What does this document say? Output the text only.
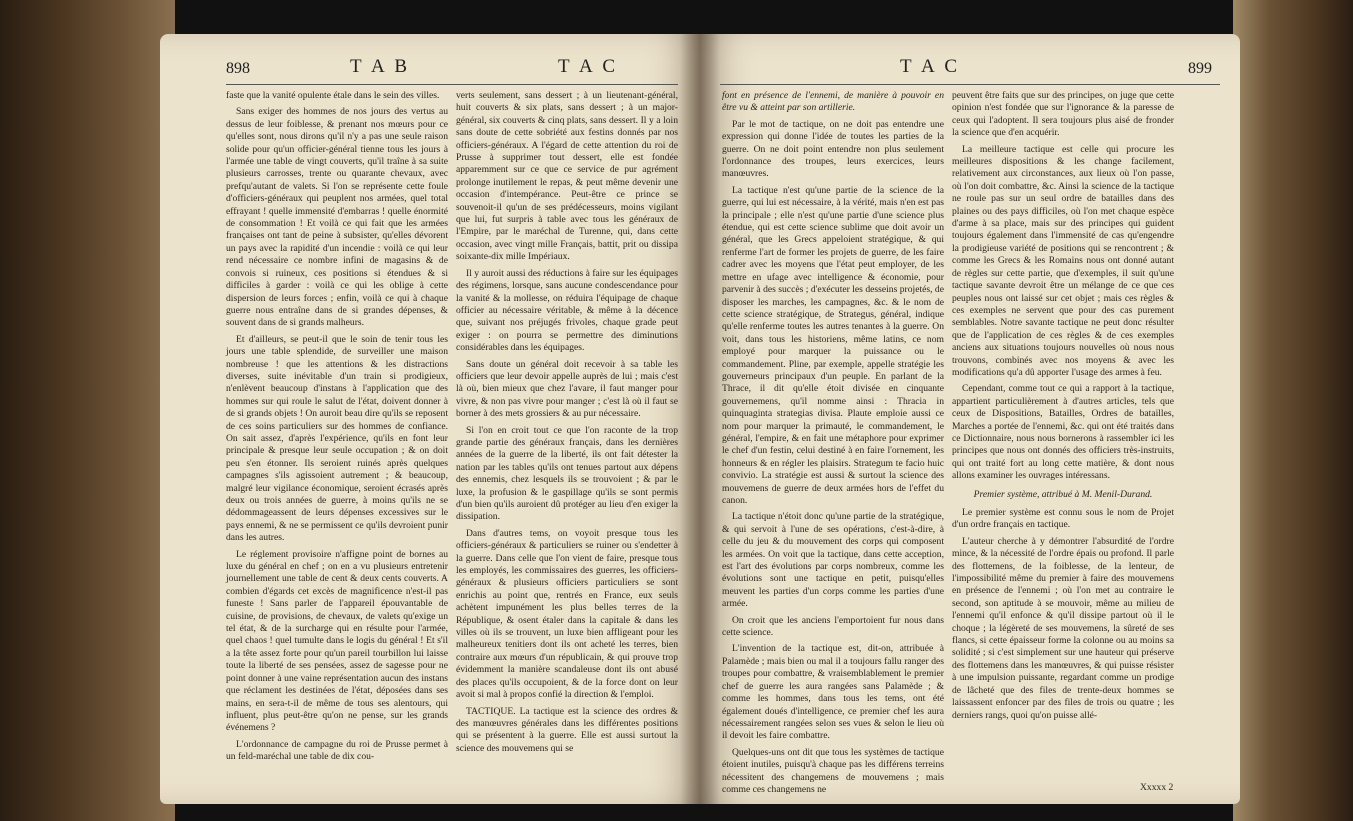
898	T A B	T A C

faste que la vanité opulente étale dans le sein des villes.

Sans exiger des hommes de nos jours des vertus au dessus de leur foiblesse, & prenant nos mœurs pour ce qu'elles sont, nous dirons qu'il n'y a pas une seule raison solide pour qu'un officier-général tienne tous les jours à l'armée une table de vingt couverts, qu'il traîne à sa suite plusieurs carrosses, trente ou quarante chevaux, avec prefqu'autant de valets. Si l'on se représente cette foule d'officiers-généraux qui peuplent nos armées, quel total effrayant ! quelle immensité d'embarras ! quelle énormité de consommation ! Et voilà ce qui fait que les armées françaises ont tant de peine à subsister, qu'elles dévorent un pays avec la rapidité d'un incendie : voilà ce qui leur rend nécessaire ce nombre infini de magasins & de convois si ruineux, ces positions si étendues & si difficiles à garder : voilà ce qui les oblige à cette dispersion de leurs forces ; enfin, voilà ce qui à chaque guerre nous entraîne dans de si grandes dépenses, & souvent dans de si grands malheurs.

Et d'ailleurs, se peut-il que le soin de tenir tous les jours une table splendide, de surveiller une maison nombreuse ! que les attentions & les distractions diverses, suite inévitable d'un train si prodigieux, n'enlèvent beaucoup d'instans à l'application que des hommes sur qui roule le salut de l'état, doivent donner à de si grands objets ! On auroit beau dire qu'ils se reposent de ces soins particuliers sur des hommes de confiance. On sait assez, d'après l'expérience, qu'ils en font leur principale & presque leur seule occupation ; & on doit peu s'en étonner. Ils seroient ruinés après quelques campagnes s'ils agissoient autrement ; & beaucoup, malgré leur vigilance économique, seroient écrasés après deux ou trois années de guerre, à moins qu'ils ne se dédommageassent de leurs dépenses excessives sur le pays ennemi, & ne se permissent ce qu'ils devroient punir dans les autres.

Le réglement provisoire n'affigne point de bornes au luxe du général en chef ; on en a vu plusieurs entretenir journellement une table de cent & deux cents couverts. A combien d'égards cet excès de magnificence n'est-il pas funeste ! Sans parler de l'appareil épouvantable de cuisine, de provisions, de chevaux, de valets qu'exige un tel état, & de la surcharge qui en résulte pour l'armée, quel chaos ! quel tumulte dans le logis du général ! Et s'il a la tête assez forte pour qu'un pareil tourbillon lui laisse toute la liberté de ses pensées, assez de sagesse pour ne point donner à une vaine représentation aucun des instans que réclament les destinées de l'état, déposées dans ses mains, en sera-t-il de même de tous ses alentours, qui influent, plus peut-être qu'on ne pense, sur les grands événemens ?

L'ordonnance de campagne du roi de Prusse permet à un feld-maréchal une table de dix cou-

verts seulement, sans dessert ; à un lieutenant-général, huit couverts & six plats, sans dessert ; à un major-général, six couverts & cinq plats, sans dessert. Il y a loin sans doute de cette sobriété aux festins donnés par nos officiers-généraux. A l'égard de cette attention du roi de Prusse à supprimer tout dessert, elle est fondée apparemment sur ce que ce service de pur agrément prolonge inutilement le repas, & peut même devenir une occasion d'intempérance. Peut-être ce prince se souvenoit-il qu'un de ses prédécesseurs, moins vigilant que lui, fut surpris à table avec tous les généraux de l'Empire, par le maréchal de Turenne, qui, dans cette occasion, avec vingt mille Français, battit, prit ou dissipa soixante-dix mille Impériaux.

Il y auroit aussi des réductions à faire sur les équipages des régimens, lorsque, sans aucune condescendance pour la vanité & la mollesse, on réduira l'équipage de chaque officier au nécessaire véritable, & même à la décence que, suivant nos préjugés frivoles, chaque grade peut exiger : on pourra se permettre des diminutions considérables dans les équipages.

Sans doute un général doit recevoir à sa table les officiers que leur devoir appelle auprès de lui ; mais c'est là où, bien mieux que chez l'avare, il faut manger pour vivre, & non pas vivre pour manger ; c'est là où il faut se borner à des mets grossiers & au pur nécessaire.

Si l'on en croit tout ce que l'on raconte de la trop grande partie des généraux français, dans les dernières années de la guerre de la liberté, ils ont fait détester la nation par les tables qu'ils ont tenues partout aux dépens des ennemis, chez lesquels ils se trouvoient ; & par le luxe, la profusion & le gaspillage qu'ils se sont permis d'un bien qu'ils auroient dû protéger au lieu d'en exiger la dissipation.

Dans d'autres tems, on voyoit presque tous les officiers-généraux & particuliers se ruiner ou s'endetter à la guerre. Dans celle que l'on vient de faire, presque tous les employés, les commissaires des guerres, les officiers-généraux & plusieurs officiers particuliers se sont enrichis au point que, rentrés en France, eux seuls achètent impunément les plus belles terres de la République, & osent étaler dans la capitale & dans les villes où ils se trouvent, un luxe bien affligeant pour les malheureux tenitiers dont ils ont acheté les terres, bien contraire aux mœurs d'un républicain, & qui prouve trop évidemment la manière scandaleuse dont ils ont abusé des places qu'ils occupoient, & de la force dont on leur avoit si mal à propos confié la direction & l'emploi.

TACTIQUE. La tactique est la science des ordres & des manœuvres générales dans les différentes positions qui se présentent à la guerre. Elle est aussi surtout la science des mouvemens qui se

T A C	899

font en présence de l'ennemi, de manière à pouvoir en être vu & atteint par son artillerie.

Par le mot de tactique, on ne doit pas entendre une expression qui donne l'idée de toutes les parties de la guerre. On ne doit point entendre non plus seulement l'ordonnance des troupes, leurs exercices, leurs manœuvres.

La tactique n'est qu'une partie de la science de la guerre, qui lui est nécessaire, à la vérité, mais n'en est pas la principale ; elle n'est qu'une partie d'une science plus étendue, qui est cette science sublime que doit avoir un général, que les Grecs appeloient stratégique, & qui renferme l'art de former les projets de guerre, de les faire cadrer avec les moyens que l'état peut employer, de les mettre en ufage avec intelligence & économie, pour parvenir à des succès ; d'exécuter les desseins projetés, de disposer les marches, les campagnes, &c. & le nom de cette science stratégique, de Strategus, général, indique qu'elle renferme toutes les autres tenantes à la guerre. On voit, dans tous les historiens, même latins, ce nom employé pour marquer la puissance ou le commandement. Pline, par exemple, appelle stratégie les gouverneurs principaux d'un peuple. En parlant de la Thrace, il dit qu'elle étoit divisée en cinquante gouvernemens, qu'il nomme ainsi : Thracia in quinquaginta strategias divisa. Plaute emploie aussi ce nom pour marquer la primauté, le commandement, le général, l'empire, & en fait une métaphore pour exprimer le chef d'un festin, celui destiné à en faire l'ornement, les honneurs & en régler les plaisirs. Strategum te facio huic convivio. La stratégie est aussi & surtout la science des mouvemens de guerre de deux armées hors de l'effet du canon.

La tactique n'étoit donc qu'une partie de la stratégique, & qui servoit à l'une de ses opérations, c'est-à-dire, à celle du jeu & du mouvement des corps qui composent les armées. On voit que la tactique, dans cette acception, est l'art des évolutions par corps nombreux, comme les évolutions sont une tactique en petit, puisqu'elles meuvent les parties d'un corps comme les parties d'une armée.

On croit que les anciens l'emportoient fur nous dans cette science.

L'invention de la tactique est, dit-on, attribuée à Palamède ; mais bien ou mal il a toujours fallu ranger des troupes pour combattre, & vraisemblablement le premier chef de guerre les aura rangées sans Palamède ; & comme les hommes, dans tous les tems, ont été également doués d'intelligence, ce premier chef les aura nécessairement rangées selon ses vues & selon le lieu où il devoit les faire combattre.

Quelques-uns ont dit que tous les systèmes de tactique étoient inutiles, puisqu'à chaque pas les différens terreins nécessitent des changemens de mouvemens ; mais comme ces changemens ne

peuvent être faits que sur des principes, on juge que cette opinion n'est fondée que sur l'ignorance & la paresse de ceux qui l'adoptent. Il sera toujours plus aisé de fronder la science que d'en acquérir.

La meilleure tactique est celle qui procure les meilleures dispositions & les change facilement, relativement aux circonstances, aux lieux où l'on passe, où l'on doit combattre, &c. Ainsi la science de la tactique ne roule pas sur un seul ordre de batailles dans des plaines ou des pays difficiles, où l'on met chaque espèce d'arme à sa place, mais sur des principes qui guident toujours également dans l'immensité de cas qu'engendre la prodigieuse variété de positions qui se rencontrent ; & comme les Grecs & les Romains nous ont donné autant de règles sur cette partie, que d'exemples, il suit qu'une tactique savante devroit être un mélange de ce que ces peuples nous ont laissé sur cet objet ; mais ces règles & ces exemples ne servent que pour des cas purement semblables. Notre savante tactique ne peut donc résulter que de l'application de ces règles & de ces exemples anciens aux situations toujours nouvelles où nous nous trouvons, combinés avec nos moyens & avec les modifications qu'a dû apporter l'usage des armes à feu.

Cependant, comme tout ce qui a rapport à la tactique, appartient particulièrement à d'autres articles, tels que ceux de Dispositions, Batailles, Ordres de batailles, Marches a portée de l'ennemi, &c. qui ont été traités dans ce Dictionnaire, nous nous bornerons à rassembler ici les principes que nous ont donnés des officiers très-instruits, qui ont traité fort au long cette matière, & dont nous allons examiner les ouvrages intéressans.

Premier système, attribué à M. Menil-Durand.

Le premier système est connu sous le nom de Projet d'un ordre français en tactique.

L'auteur cherche à y démontrer l'absurdité de l'ordre mince, & la nécessité de l'ordre épais ou profond. Il parle des flottemens, de la foiblesse, de la lenteur, de l'impossibilité même du premier à faire des mouvemens en présence de l'ennemi ; où l'on met au contraire le second, son aptitude à se mouvoir, même au milieu de l'ennemi qu'il enfonce & qu'il dissipe partout où il le choque ; la légèreté de ses mouvemens, la sûreté de ses flancs, si cette épaisseur forme la colonne ou au moins sa solidité ; si c'est simplement sur une hauteur qui préserve des flottemens dans les manœuvres, & qui puisse résister à une impulsion puissante, regardant comme un prodige de lâcheté que des files de trente-deux hommes se laissassent enfoncer par des files de trois ou quatre ; les derniers rangs, quoi qu'on puisse allé-

Xxxxx 2
